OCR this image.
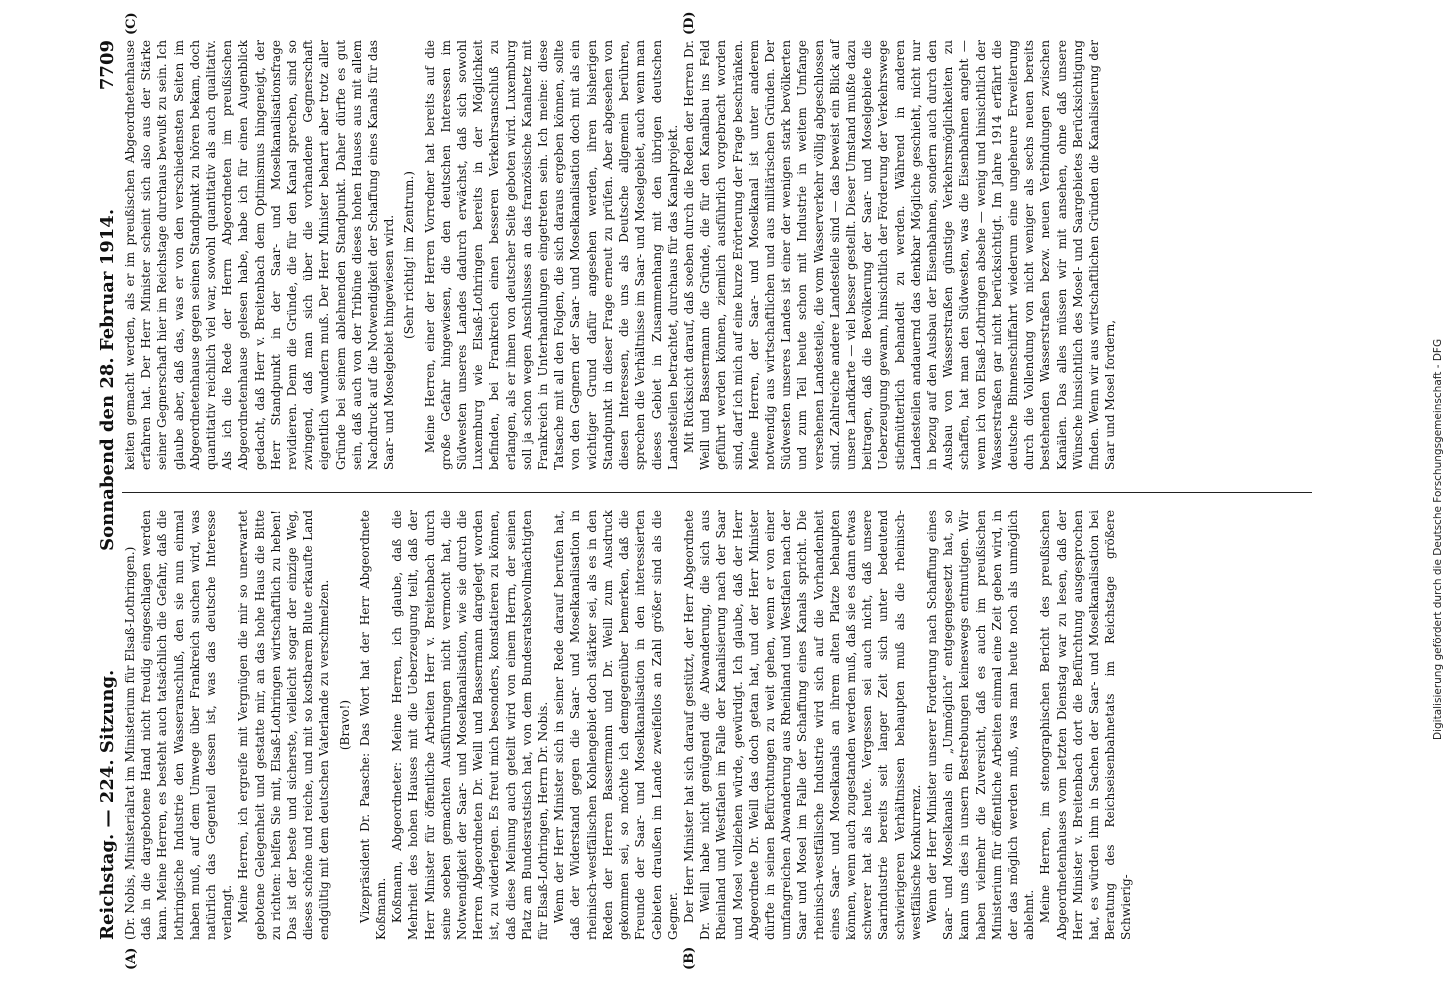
Reichstag. — 224. Sitzung.
Sonnabend den 28. Februar 1914.
7709
(A)	(B)
(C)	(D)

(Dr. Nobis, Ministerialrat im Ministerium für Elsaß-Lothringen.) daß in die dargebotene Hand nicht freudig eingeschlagen werden kann. Meine Herren, es besteht auch tatsächlich die Gefahr, daß die lothringische Industrie den Wasseranschluß, den sie nun einmal haben muß, auf dem Umwege über Frankreich suchen wird, was natürlich das Gegenteil dessen ist, was das deutsche Interesse verlangt. Meine Herren, ich ergreife mit Vergnügen die mir so unerwartet gebotene Gelegenheit und gestatte mir, an das hohe Haus die Bitte zu richten: helfen Sie mit, Elsaß-Lothringen wirtschaftlich zu heben! Das ist der beste und sicherste, vielleicht sogar der einzige Weg, dieses schöne und reiche, und mit so kostbarem Blute erkaufte Land endgültig mit dem deutschen Vaterlande zu verschmelzen. (Bravo!) Vizepräsident Dr. Paasche: Das Wort hat der Herr Abgeordnete Koßmann. Koßmann, Abgeordneter: Meine Herren, ich glaube, daß die Mehrheit des hohen Hauses mit die Ueberzeugung teilt, daß der Herr Minister für öffentliche Arbeiten Herr v. Breitenbach durch seine soeben gemachten Ausführungen nicht vermocht hat, die Notwendigkeit der Saar- und Moselkanalisation, wie sie durch die Herren Abgeordneten Dr. Weill und Bassermann dargelegt worden ist, zu widerlegen. Es freut mich besonders, konstatieren zu können, daß diese Meinung auch geteilt wird von einem Herrn, der seinen Platz am Bundesratstisch hat, von dem Bundesratsbevollmächtigten für Elsaß-Lothringen, Herrn Dr. Nobis. Wenn der Herr Minister sich in seiner Rede darauf berufen hat, daß der Widerstand gegen die Saar- und Moselkanalisation in rheinisch-westfälischen Kohlengebiet doch stärker sei, als es in den Reden der Herren Bassermann und Dr. Weill zum Ausdruck gekommen sei, so möchte ich demgegenüber bemerken, daß die Freunde der Saar- und Moselkanalisation in den interessierten Gebieten draußen im Lande zweifellos an Zahl größer sind als die Gegner. Der Herr Minister hat sich darauf gestützt, der Herr Abgeordnete Dr. Weill habe nicht genügend die Abwanderung, die sich aus Rheinland und Westfalen im Falle der Kanalisierung nach der Saar und Mosel vollziehen würde, gewürdigt. Ich glaube, daß der Herr Abgeordnete Dr. Weill das doch getan hat, und der Herr Minister dürfte in seinen Befürchtungen zu weit gehen, wenn er von einer umfangreichen Abwanderung aus Rheinland und Westfalen nach der Saar und Mosel im Falle der Schaffung eines Kanals spricht. Die rheinisch-westfälische Industrie wird sich auf die Vorhandenheit eines Saar- und Moselkanals an ihrem alten Platze behaupten können, wenn auch zugestanden werden muß, daß sie es dann etwas schwerer hat als heute. Vergessen sei auch nicht, daß unsere Saarindustrie bereits seit langer Zeit sich unter bedeutend schwierigeren Verhältnissen behaupten muß als die rheinisch-westfälische Konkurrenz. Wenn der Herr Minister unserer Forderung nach Schaffung eines Saar- und Moselkanals ein „Unmöglich“ entgegengesetzt hat, so kann uns dies in unsern Bestrebungen keineswegs entmutigen. Wir haben vielmehr die Zuversicht, daß es auch im preußischen Ministerium für öffentliche Arbeiten einmal eine Zeit geben wird, in der das möglich werden muß, was man heute noch als unmöglich ablehnt. Meine Herren, im stenographischen Bericht des preußischen Abgeordnetenhauses vom letzten Dienstag war zu lesen, daß der Herr Minister v. Breitenbach dort die Befürchtung ausgesprochen hat, es würden ihm in Sachen der Saar- und Moselkanalisation bei Beratung des Reichseisenbahnetats im Reichstage größere Schwierig-

keiten gemacht werden, als er im preußischen Abgeordnetenhause erfahren hat. Der Herr Minister scheint sich also aus der Stärke seiner Gegnerschaft hier im Reichstage durchaus bewußt zu sein. Ich glaube aber, daß das, was er von den verschiedensten Seiten im Abgeordnetenhause gegen seinen Standpunkt zu hören bekam, doch quantitativ reichlich viel war, sowohl quantitativ als auch qualitativ. Als ich die Rede der Herrn Abgeordneten im preußischen Abgeordnetenhause gelesen habe, habe ich für einen Augenblick gedacht, daß Herr v. Breitenbach dem Optimismus hingeneigt, der Herr Standpunkt in der Saar- und Moselkanalisationsfrage revidieren. Denn die Gründe, die für den Kanal sprechen, sind so zwingend, daß man sich über die vorhandene Gegnerschaft eigentlich wundern muß. Der Herr Minister beharrt aber trotz aller Gründe bei seinem ablehnenden Standpunkt. Daher dürfte es gut sein, daß auch von der Tribüne dieses hohen Hauses aus mit allem Nachdruck auf die Notwendigkeit der Schaffung eines Kanals für das Saar- und Moselgebiet hingewiesen wird. (Sehr richtig! im Zentrum.) Meine Herren, einer der Herren Vorredner hat bereits auf die große Gefahr hingewiesen, die den deutschen Interessen im Südwesten unseres Landes dadurch erwächst, daß sich sowohl Luxemburg wie Elsaß-Lothringen bereits in der Möglichkeit befinden, bei Frankreich einen besseren Verkehrsanschluß zu erlangen, als er ihnen von deutscher Seite geboten wird. Luxemburg soll ja schon wegen Anschlusses an das französische Kanalnetz mit Frankreich in Unterhandlungen eingetreten sein. Ich meine: diese Tatsache mit all den Folgen, die sich daraus ergeben können, sollte von den Gegnern der Saar- und Moselkanalisation doch mit als ein wichtiger Grund dafür angesehen werden, ihren bisherigen Standpunkt in dieser Frage erneut zu prüfen. Aber abgesehen von diesen Interessen, die uns als Deutsche allgemein berühren, sprechen die Verhältnisse im Saar- und Moselgebiet, auch wenn man dieses Gebiet in Zusammenhang mit den übrigen deutschen Landesteilen betrachtet, durchaus für das Kanalprojekt. Mit Rücksicht darauf, daß soeben durch die Reden der Herren Dr. Weill und Bassermann die Gründe, die für den Kanalbau ins Feld geführt werden können, ziemlich ausführlich vorgebracht worden sind, darf ich mich auf eine kurze Erörterung der Frage beschränken. Meine Herren, der Saar- und Moselkanal ist unter anderem notwendig aus wirtschaftlichen und aus militärischen Gründen. Der Südwesten unseres Landes ist einer der wenigen stark bevölkerten und zum Teil heute schon mit Industrie in weitem Umfange versehenen Landesteile, die vom Wasserverkehr völlig abgeschlossen sind. Zahlreiche andere Landesteile sind — das beweist ein Blick auf unsere Landkarte — viel besser gestellt. Dieser Umstand mußte dazu beitragen, daß die Bevölkerung der Saar- und Moselgebiete die Ueberzeugung gewann, hinsichtlich der Förderung der Verkehrswege stiefmütterlich behandelt zu werden. Während in anderen Landesteilen andauernd das denkbar Mögliche geschieht, nicht nur in bezug auf den Ausbau der Eisenbahnen, sondern auch durch den Ausbau von Wasserstraßen günstige Verkehrsmöglichkeiten zu schaffen, hat man den Südwesten, was die Eisenbahnen angeht — wenn ich von Elsaß-Lothringen absehe — wenig und hinsichtlich der Wasserstraßen gar nicht berücksichtigt. Im Jahre 1914 erfährt die deutsche Binnenschiffahrt wiederum eine ungeheure Erweiterung durch die Vollendung von nicht weniger als sechs neuen bereits bestehenden Wasserstraßen bezw. neuen Verbindungen zwischen Kanälen. Das alles müssen wir mit ansehen, ohne daß unsere Wünsche hinsichtlich des Mosel- und Saargebietes Berücksichtigung finden. Wenn wir aus wirtschaftlichen Gründen die Kanalisierung der Saar und Mosel fordern,	Digitalisierung gefördert durch die Deutsche Forschungsgemeinschaft - DFG
